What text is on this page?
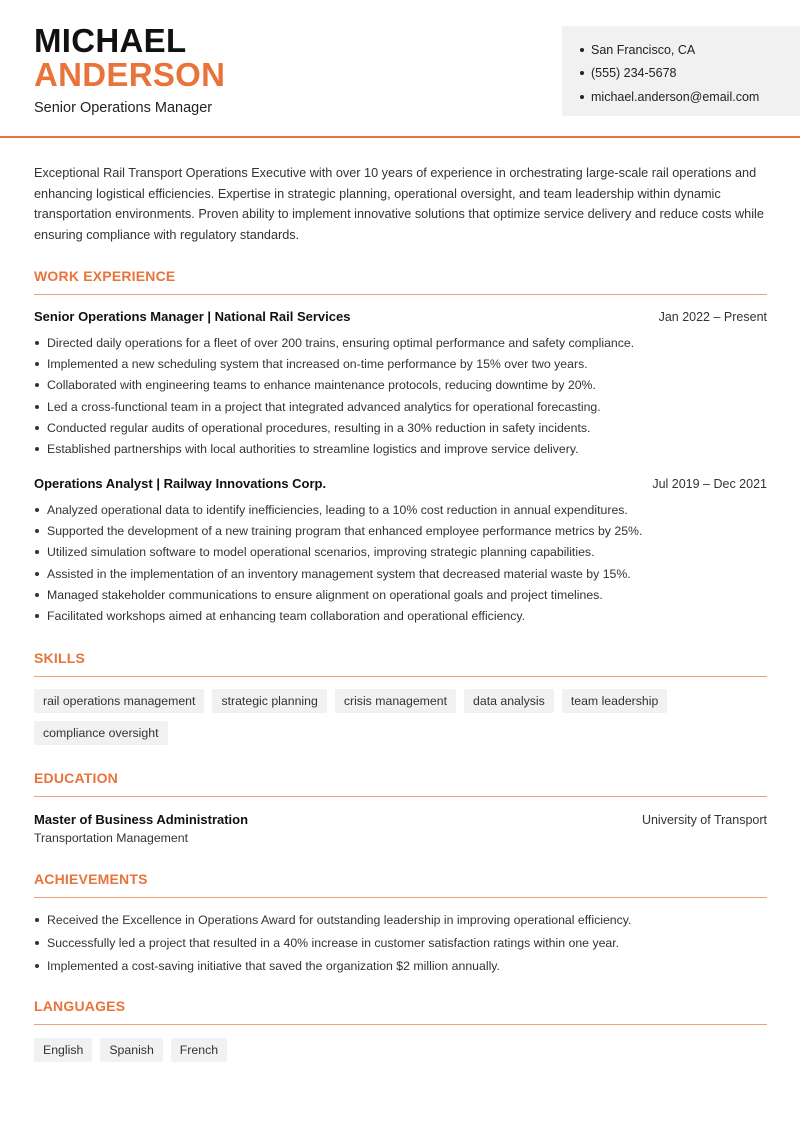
MICHAEL
ANDERSON
Senior Operations Manager
San Francisco, CA
(555) 234-5678
michael.anderson@email.com

Exceptional Rail Transport Operations Executive with over 10 years of experience in orchestrating large-scale rail operations and enhancing logistical efficiencies. Expertise in strategic planning, operational oversight, and team leadership within dynamic transportation environments. Proven ability to implement innovative solutions that optimize service delivery and reduce costs while ensuring compliance with regulatory standards.

WORK EXPERIENCE
Senior Operations Manager | National Rail Services	Jan 2022 – Present
Directed daily operations for a fleet of over 200 trains, ensuring optimal performance and safety compliance.
Implemented a new scheduling system that increased on-time performance by 15% over two years.
Collaborated with engineering teams to enhance maintenance protocols, reducing downtime by 20%.
Led a cross-functional team in a project that integrated advanced analytics for operational forecasting.
Conducted regular audits of operational procedures, resulting in a 30% reduction in safety incidents.
Established partnerships with local authorities to streamline logistics and improve service delivery.
Operations Analyst | Railway Innovations Corp.	Jul 2019 – Dec 2021
Analyzed operational data to identify inefficiencies, leading to a 10% cost reduction in annual expenditures.
Supported the development of a new training program that enhanced employee performance metrics by 25%.
Utilized simulation software to model operational scenarios, improving strategic planning capabilities.
Assisted in the implementation of an inventory management system that decreased material waste by 15%.
Managed stakeholder communications to ensure alignment on operational goals and project timelines.
Facilitated workshops aimed at enhancing team collaboration and operational efficiency.
SKILLS
rail operations management	strategic planning	crisis management	data analysis	team leadership
compliance oversight
EDUCATION
Master of Business Administration	University of Transport
Transportation Management
ACHIEVEMENTS
Received the Excellence in Operations Award for outstanding leadership in improving operational efficiency.
Successfully led a project that resulted in a 40% increase in customer satisfaction ratings within one year.
Implemented a cost-saving initiative that saved the organization $2 million annually.
LANGUAGES
English	Spanish	French
